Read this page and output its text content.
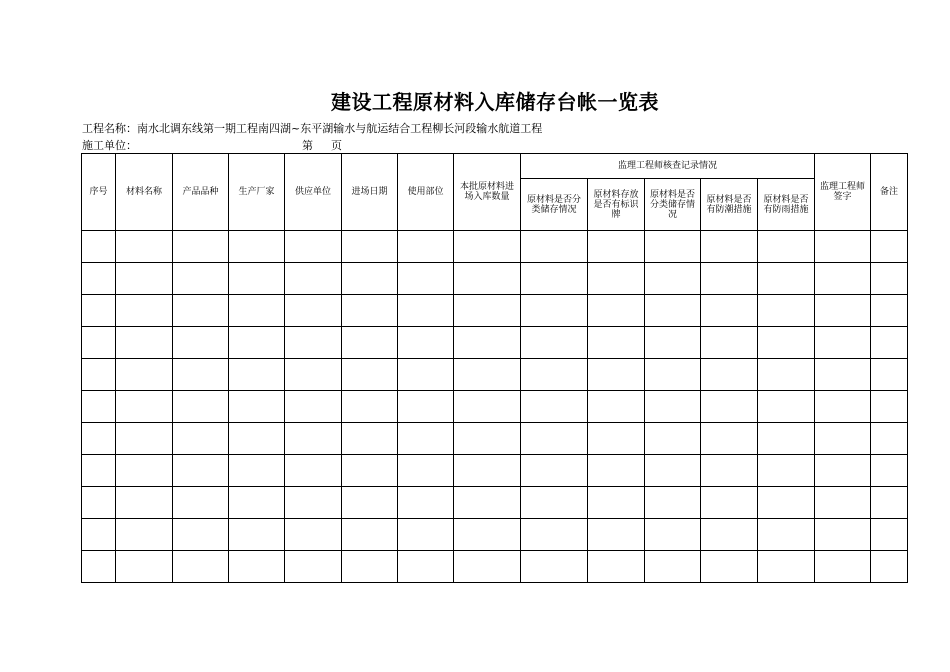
建设工程原材料入库储存台帐一览表
工程名称：南水北调东线第一期工程南四湖~东平湖输水与航运结合工程柳长河段输水航道工程
施工单位：	第 页
序号	材料名称	产品品种	生产厂家	供应单位	进场日期	使用部位	本批原材料进场入库数量	监理工程师核查记录情况					监理工程师签字	备注
								原材料是否分类储存情况	原材料存放是否有标识牌	原材料是否分类储存情况	原材料是否有防潮措施	原材料是否有防雨措施		
